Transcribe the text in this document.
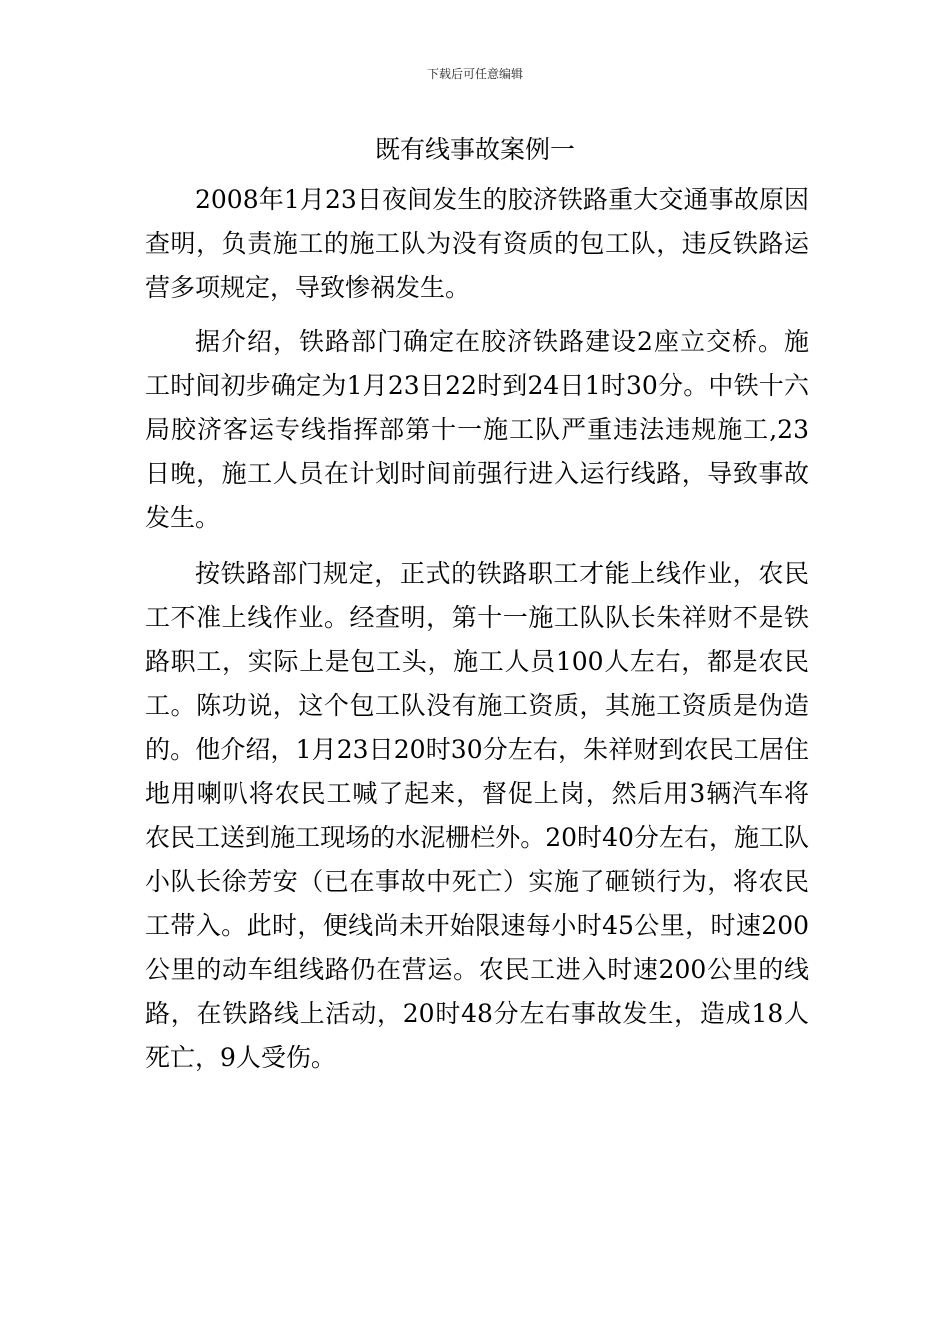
下载后可任意编辑
既有线事故案例一

2008年1月23日夜间发生的胶济铁路重大交通事故原因查明，负责施工的施工队为没有资质的包工队，违反铁路运营多项规定，导致惨祸发生。

据介绍，铁路部门确定在胶济铁路建设2座立交桥。施工时间初步确定为1月23日22时到24日1时30分。中铁十六局胶济客运专线指挥部第十一施工队严重违法违规施工,23日晚，施工人员在计划时间前强行进入运行线路，导致事故发生。

按铁路部门规定，正式的铁路职工才能上线作业，农民工不准上线作业。经查明，第十一施工队队长朱祥财不是铁路职工，实际上是包工头，施工人员100人左右，都是农民工。陈功说，这个包工队没有施工资质，其施工资质是伪造的。他介绍，1月23日20时30分左右，朱祥财到农民工居住地用喇叭将农民工喊了起来，督促上岗，然后用3辆汽车将农民工送到施工现场的水泥栅栏外。20时40分左右，施工队小队长徐芳安（已在事故中死亡）实施了砸锁行为，将农民工带入。此时，便线尚未开始限速每小时45公里，时速200公里的动车组线路仍在营运。农民工进入时速200公里的线路，在铁路线上活动，20时48分左右事故发生，造成18人死亡，9人受伤。
